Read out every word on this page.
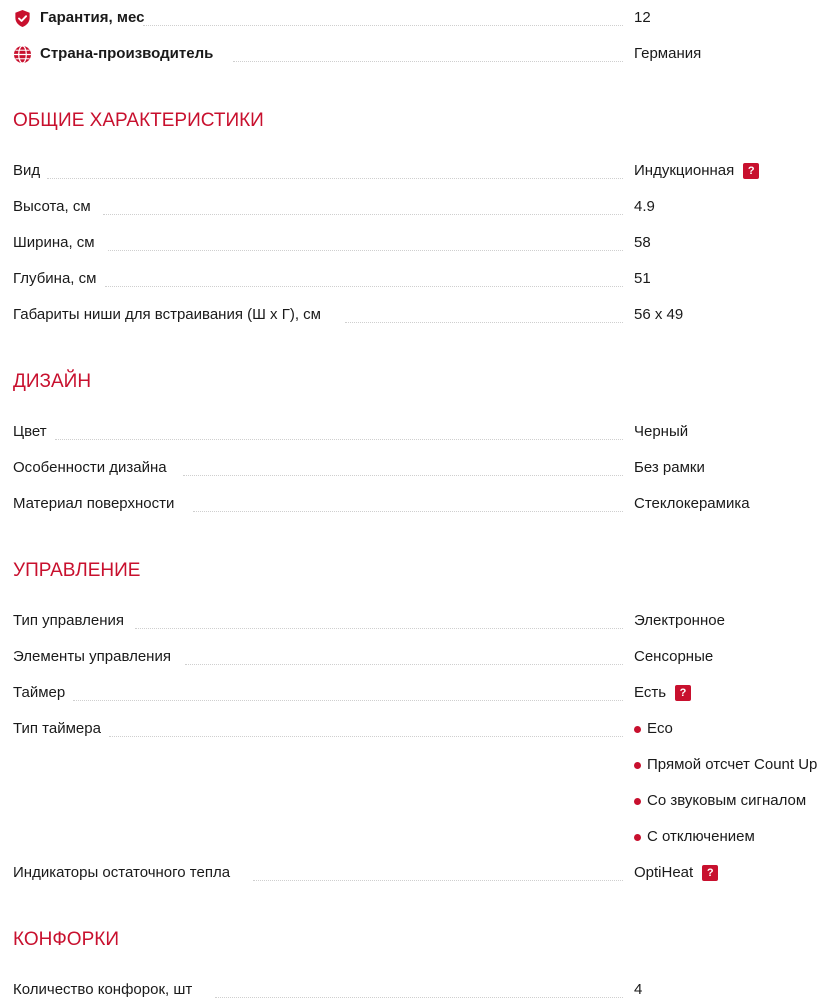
Гарантия, мес	12
Страна-производитель	Германия
ОБЩИЕ ХАРАКТЕРИСТИКИ
Вид	Индукционная	?
Высота, см	4.9
Ширина, см	58
Глубина, см	51
Габариты ниши для встраивания (Ш х Г), см	56 x 49
ДИЗАЙН
Цвет	Черный
Особенности дизайна	Без рамки
Материал поверхности	Стеклокерамика
УПРАВЛЕНИЕ
Тип управления	Электронное
Элементы управления	Сенсорные
Таймер	Есть	?
Тип таймера	Eco
Прямой отсчет Count Up
Со звуковым сигналом
С отключением
Индикаторы остаточного тепла	OptiHeat	?
КОНФОРКИ
Количество конфорок, шт	4
